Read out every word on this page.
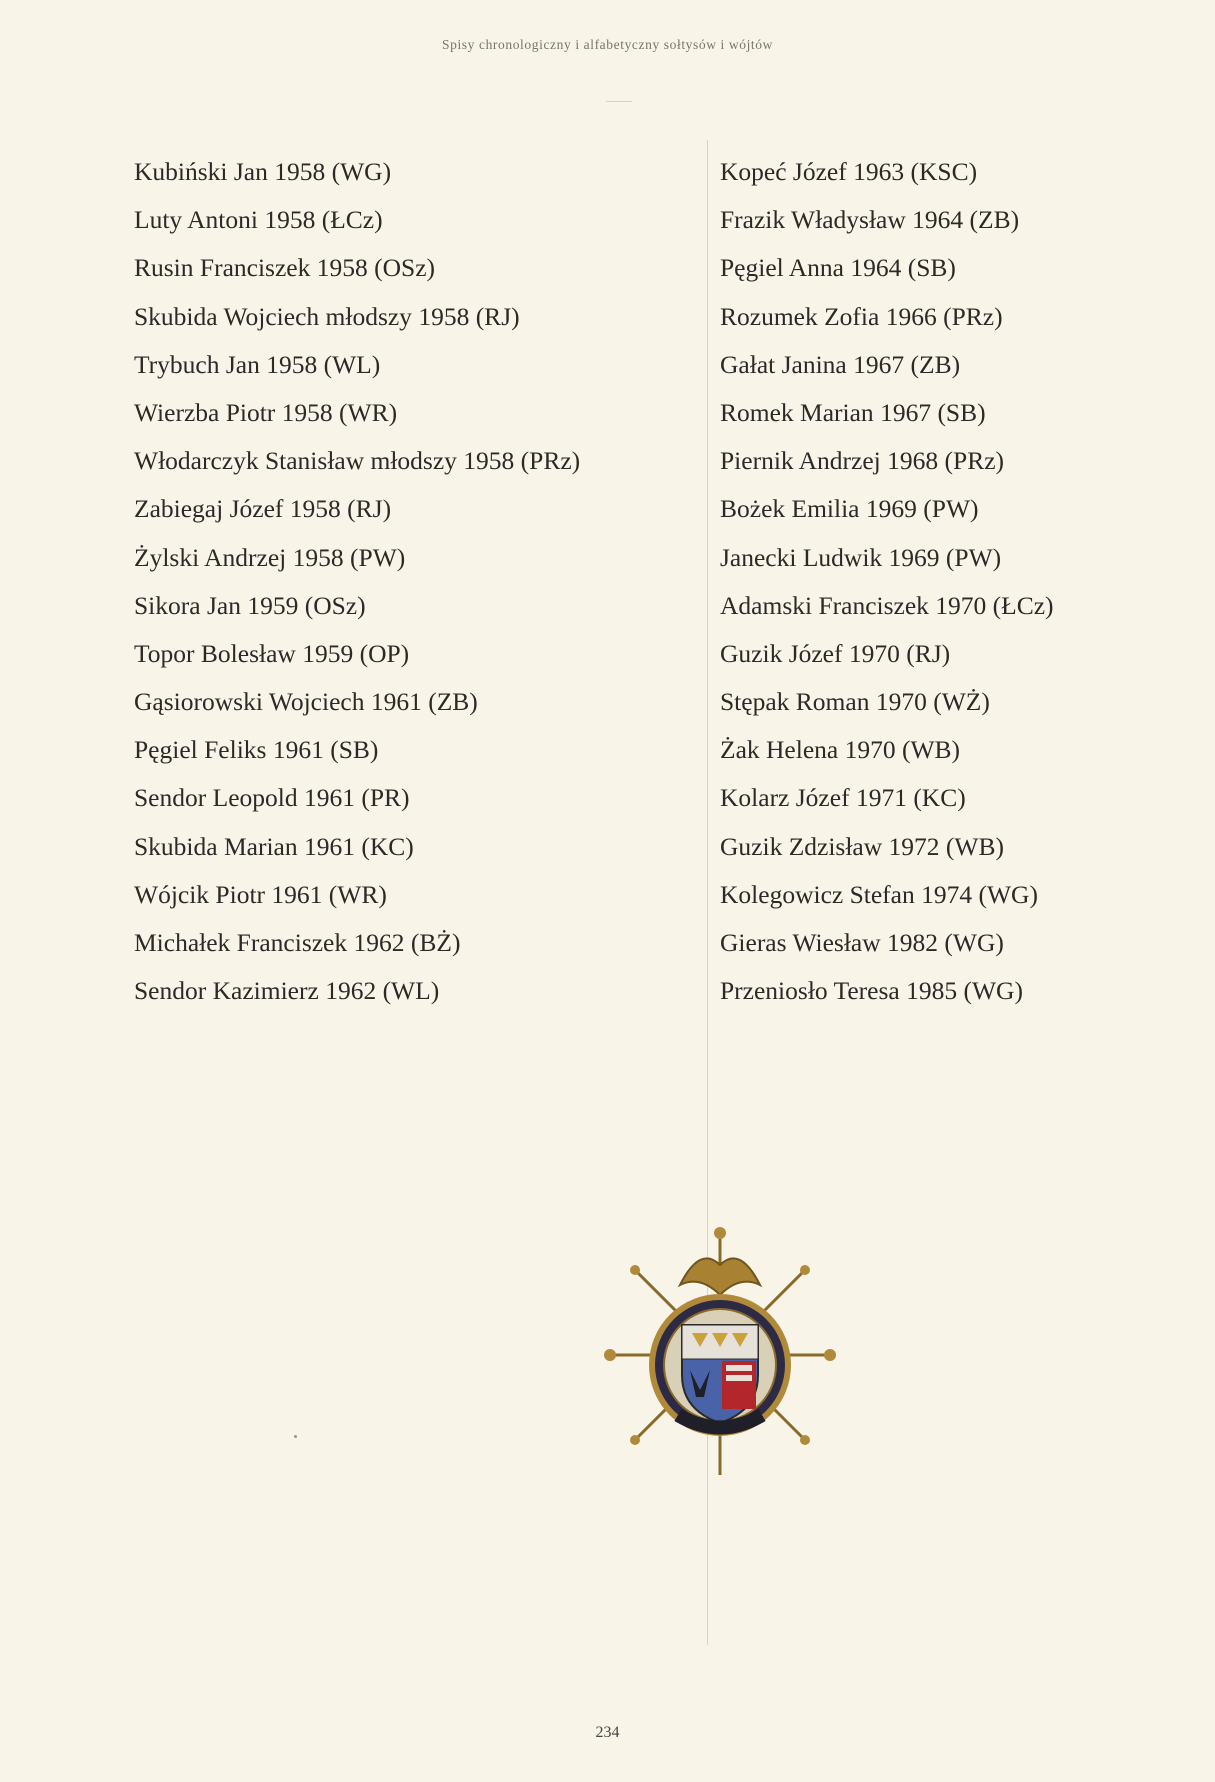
Spisy chronologiczny i alfabetyczny sołtysów i wójtów
Kubiński Jan 1958 (WG)
Luty Antoni 1958 (ŁCz)
Rusin Franciszek 1958 (OSz)
Skubida Wojciech młodszy 1958 (RJ)
Trybuch Jan 1958 (WL)
Wierzba Piotr 1958 (WR)
Włodarczyk Stanisław młodszy 1958 (PRz)
Zabiegaj Józef 1958 (RJ)
Żylski Andrzej 1958 (PW)
Sikora Jan 1959 (OSz)
Topor Bolesław 1959 (OP)
Gąsiorowski Wojciech 1961 (ZB)
Pęgiel Feliks 1961 (SB)
Sendor Leopold 1961 (PR)
Skubida Marian 1961 (KC)
Wójcik Piotr 1961 (WR)
Michałek Franciszek 1962 (BŻ)
Sendor Kazimierz 1962 (WL)
Kopeć Józef 1963 (KSC)
Frazik Władysław 1964 (ZB)
Pęgiel Anna 1964 (SB)
Rozumek Zofia 1966 (PRz)
Gałat Janina 1967 (ZB)
Romek Marian 1967 (SB)
Piernik Andrzej 1968 (PRz)
Bożek Emilia 1969 (PW)
Janecki Ludwik 1969 (PW)
Adamski Franciszek 1970 (ŁCz)
Guzik Józef 1970 (RJ)
Stępak Roman 1970 (WŻ)
Żak Helena 1970 (WB)
Kolarz Józef 1971 (KC)
Guzik Zdzisław 1972 (WB)
Kolegowicz Stefan 1974 (WG)
Gieras Wiesław 1982 (WG)
Przeniosło Teresa 1985 (WG)
234
